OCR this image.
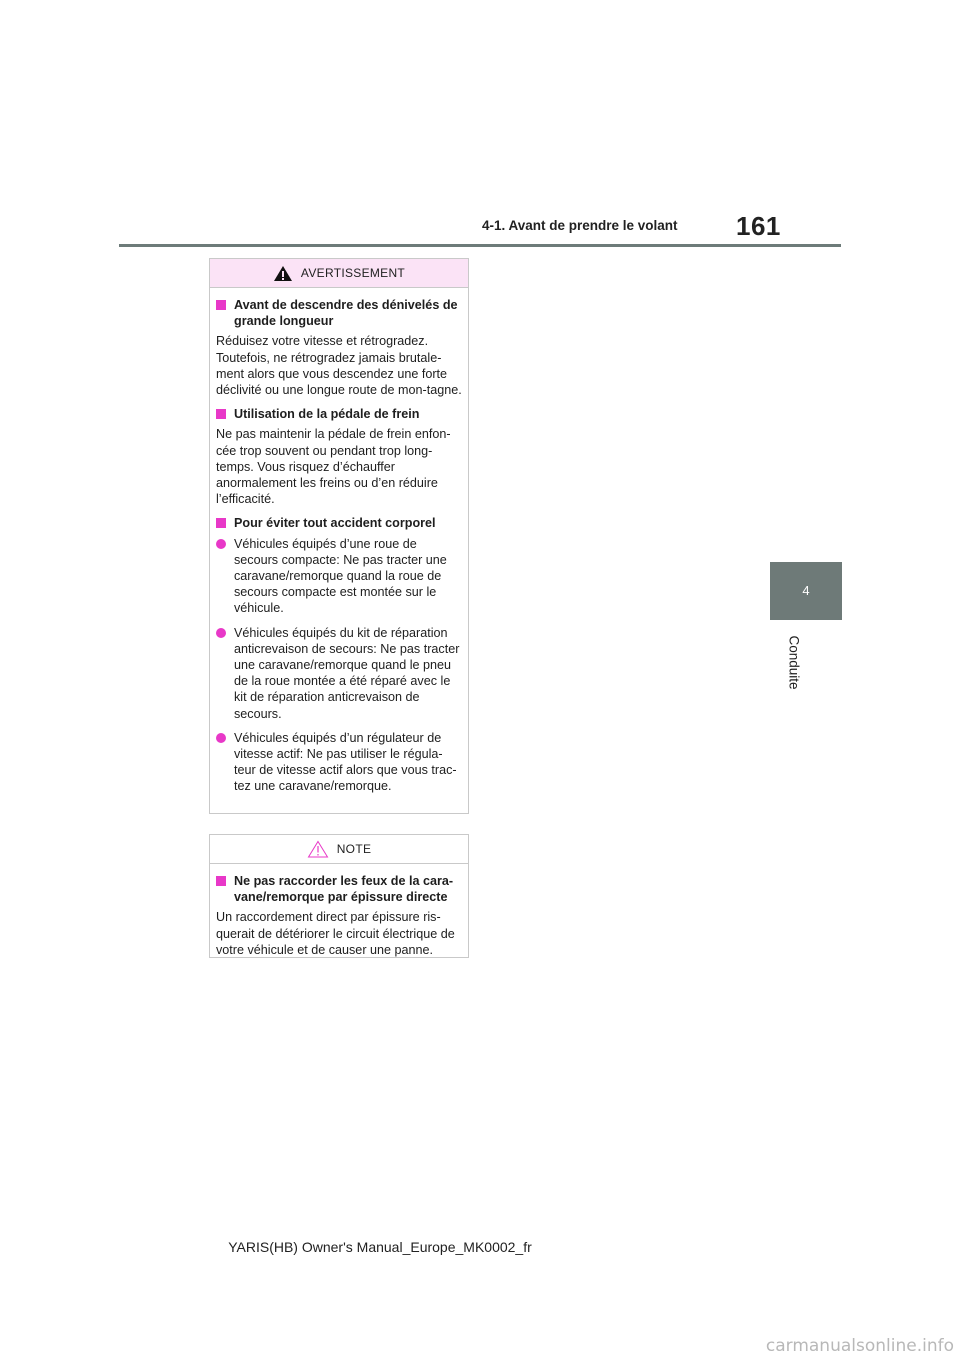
4-1. Avant de prendre le volant 161
4
Conduite
AVERTISSEMENT
Avant de descendre des dénivelés de grande longueur
Réduisez votre vitesse et rétrogradez. Toutefois, ne rétrogradez jamais brutale-ment alors que vous descendez une forte déclivité ou une longue route de mon-tagne.
Utilisation de la pédale de frein
Ne pas maintenir la pédale de frein enfon-cée trop souvent ou pendant trop long-temps. Vous risquez d’échauffer anormalement les freins ou d’en réduire l’efficacité.
Pour éviter tout accident corporel
Véhicules équipés d’une roue de secours compacte: Ne pas tracter une caravane/remorque quand la roue de secours compacte est montée sur le véhicule.
Véhicules équipés du kit de réparation anticrevaison de secours: Ne pas tracter une caravane/remorque quand le pneu de la roue montée a été réparé avec le kit de réparation anticrevaison de secours.
Véhicules équipés d’un régulateur de vitesse actif: Ne pas utiliser le régula-teur de vitesse actif alors que vous trac-tez une caravane/remorque.
NOTE
Ne pas raccorder les feux de la cara-vane/remorque par épissure directe
Un raccordement direct par épissure ris-querait de détériorer le circuit électrique de votre véhicule et de causer une panne.
YARIS(HB) Owner's Manual_Europe_MK0002_fr
carmanualsonline.info
